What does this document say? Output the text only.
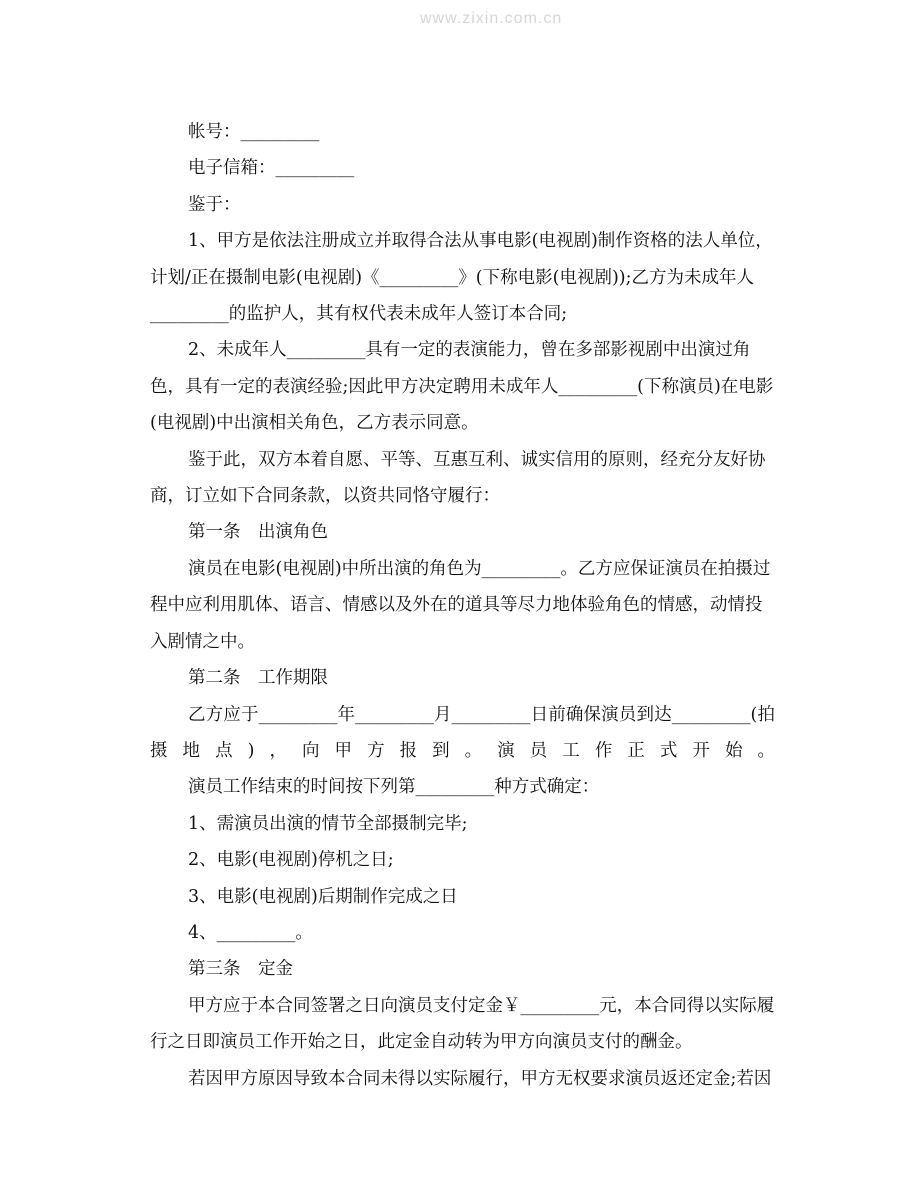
www.zixin.com.cn

帐号：_________

电子信箱：_________

鉴于：

1、甲方是依法注册成立并取得合法从事电影(电视剧)制作资格的法人单位，计划/正在摄制电影(电视剧)《_________》(下称电影(电视剧));乙方为未成年人_________的监护人，其有权代表未成年人签订本合同;

2、未成年人_________具有一定的表演能力，曾在多部影视剧中出演过角色，具有一定的表演经验;因此甲方决定聘用未成年人_________(下称演员)在电影(电视剧)中出演相关角色，乙方表示同意。

鉴于此，双方本着自愿、平等、互惠互利、诚实信用的原则，经充分友好协商，订立如下合同条款，以资共同恪守履行：

第一条　出演角色

演员在电影(电视剧)中所出演的角色为_________。乙方应保证演员在拍摄过程中应利用肌体、语言、情感以及外在的道具等尽力地体验角色的情感，动情投入剧情之中。

第二条　工作期限

乙方应于_________年_________月_________日前确保演员到达_________(拍摄地点)，向甲方报到。演员工作正式开始。

演员工作结束的时间按下列第_________种方式确定：

1、需演员出演的情节全部摄制完毕;

2、电影(电视剧)停机之日;

3、电影(电视剧)后期制作完成之日

4、_________。

第三条　定金

甲方应于本合同签署之日向演员支付定金￥_________元，本合同得以实际履行之日即演员工作开始之日，此定金自动转为甲方向演员支付的酬金。

若因甲方原因导致本合同未得以实际履行，甲方无权要求演员返还定金;若因
